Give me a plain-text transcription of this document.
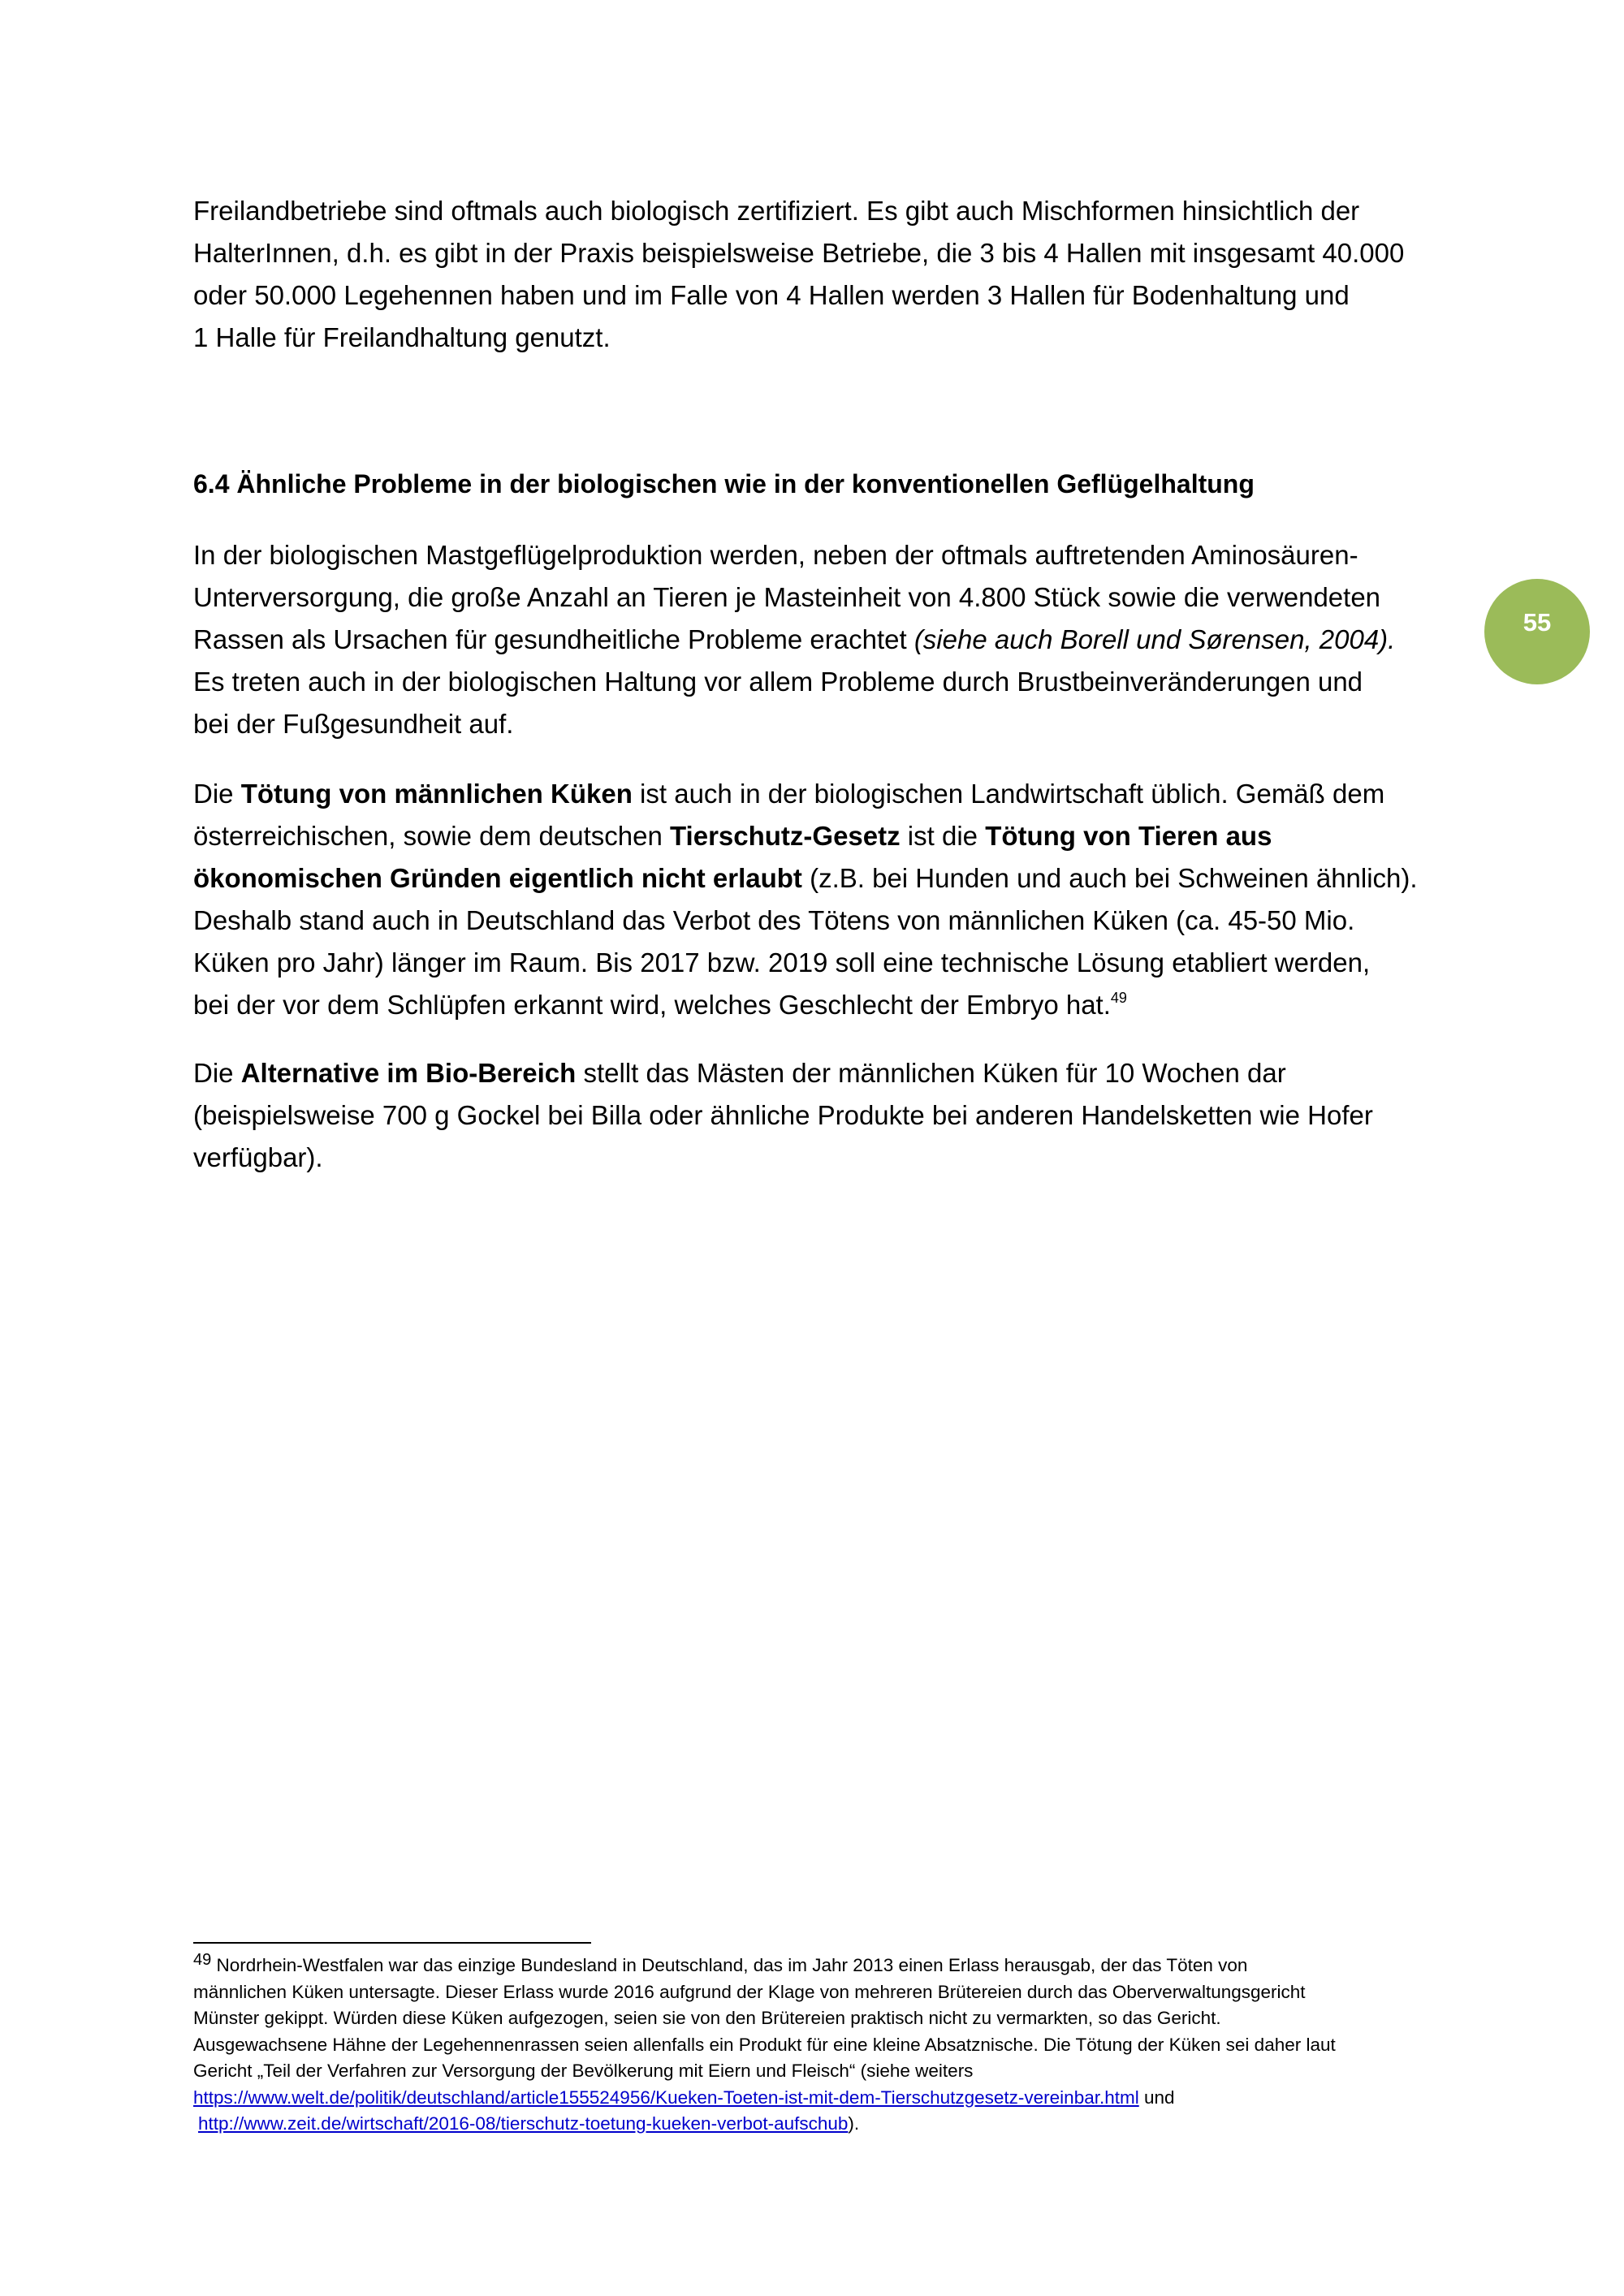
55
Freilandbetriebe sind oftmals auch biologisch zertifiziert. Es gibt auch Mischformen hinsichtlich der
HalterInnen, d.h. es gibt in der Praxis beispielsweise Betriebe, die 3 bis 4 Hallen mit insgesamt 40.000
oder 50.000 Legehennen haben und im Falle von 4 Hallen werden 3 Hallen für Bodenhaltung und
1 Halle für Freilandhaltung genutzt.
6.4 Ähnliche Probleme in der biologischen wie in der konventionellen Geflügelhaltung
In der biologischen Mastgeflügelproduktion werden, neben der oftmals auftretenden Aminosäuren-
Unterversorgung, die große Anzahl an Tieren je Masteinheit von 4.800 Stück sowie die verwendeten
Rassen als Ursachen für gesundheitliche Probleme erachtet (siehe auch Borell und Sørensen, 2004).
Es treten auch in der biologischen Haltung vor allem Probleme durch Brustbeinveränderungen und
bei der Fußgesundheit auf.
Die Tötung von männlichen Küken ist auch in der biologischen Landwirtschaft üblich. Gemäß dem
österreichischen, sowie dem deutschen Tierschutz-Gesetz ist die Tötung von Tieren aus
ökonomischen Gründen eigentlich nicht erlaubt (z.B. bei Hunden und auch bei Schweinen ähnlich).
Deshalb stand auch in Deutschland das Verbot des Tötens von männlichen Küken (ca. 45-50 Mio.
Küken pro Jahr) länger im Raum. Bis 2017 bzw. 2019 soll eine technische Lösung etabliert werden,
bei der vor dem Schlüpfen erkannt wird, welches Geschlecht der Embryo hat.$^{49}$
Die Alternative im Bio-Bereich stellt das Mästen der männlichen Küken für 10 Wochen dar
(beispielsweise 700 g Gockel bei Billa oder ähnliche Produkte bei anderen Handelsketten wie Hofer
verfügbar).
49 Nordrhein-Westfalen war das einzige Bundesland in Deutschland, das im Jahr 2013 einen Erlass herausgab, der das Töten von
männlichen Küken untersagte. Dieser Erlass wurde 2016 aufgrund der Klage von mehreren Brütereien durch das Oberverwaltungsgericht
Münster gekippt. Würden diese Küken aufgezogen, seien sie von den Brütereien praktisch nicht zu vermarkten, so das Gericht.
Ausgewachsene Hähne der Legehennenrassen seien allenfalls ein Produkt für eine kleine Absatznische. Die Tötung der Küken sei daher laut
Gericht „Teil der Verfahren zur Versorgung der Bevölkerung mit Eiern und Fleisch“ (siehe weiters
https://www.welt.de/politik/deutschland/article155524956/Kueken-Toeten-ist-mit-dem-Tierschutzgesetz-vereinbar.html und
http://www.zeit.de/wirtschaft/2016-08/tierschutz-toetung-kueken-verbot-aufschub).
